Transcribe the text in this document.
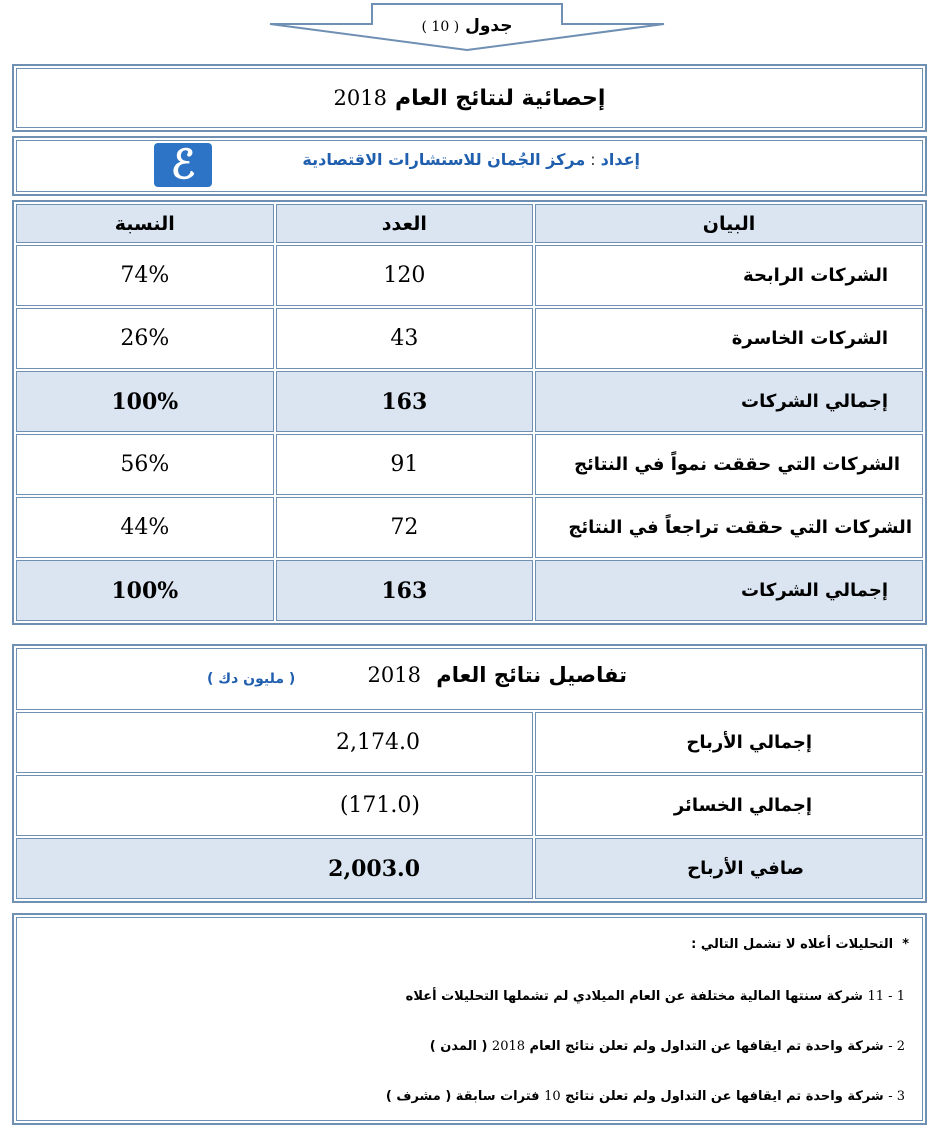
جدول ( 10 )
إحصائية لنتائج العام
2018
إعداد:مركز الجُمان للاستشارات الاقتصادية
ℰ
البيان	العدد	النسبة
الشركات الرابحة	120	74%
الشركات الخاسرة	43	26%
إجمالي الشركات	163	100%
الشركات التي حققت نمواً في النتائج	91	56%
الشركات التي حققت تراجعاً في النتائج	72	44%
إجمالي الشركات	163	100%
تفاصيل نتائج العام 2018
( مليون دك )	

إجمالي الأرباح	2,174.0
إجمالي الخسائر	(171.0)
صافي الأرباح	2,003.0
*  التحليلات أعلاه لا تشمل التالي :
1 - 11 شركة سنتها المالية مختلفة عن العام الميلادي لم تشملها التحليلات أعلاه
2 - شركة واحدة تم ايقافها عن التداول ولم تعلن نتائج العام 2018 ( المدن )
3 - شركة واحدة تم ايقافها عن التداول ولم تعلن نتائج 10 فترات سابقة ( مشرف )
